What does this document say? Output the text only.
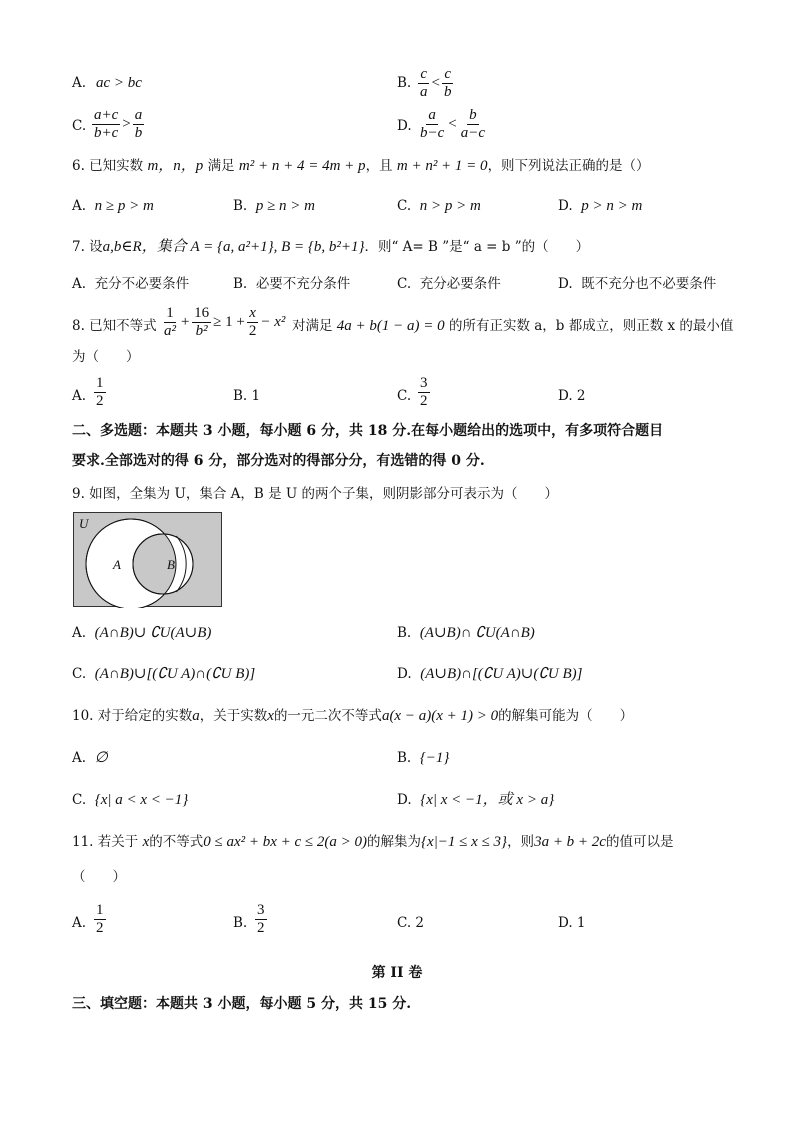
A. ac > bc	B. $\frac{c}{a} < \frac{c}{b}$
C. $\frac{a+c}{b+c} > \frac{a}{b}$	D. $\frac{a}{b-c} < \frac{b}{a-c}$
6. 已知实数 m，n，p 满足 m² + n + 4 = 4m + p，且 m + n² + 1 = 0，则下列说法正确的是（）
A. n ≥ p > m	B. p ≥ n > m	C. n > p > m	D. p > n > m
7. 设a,b∈R，集合 A = {a, a²+1}, B = {b, b²+1}．则“ A= B ”是“ a = b ”的（　　）
A. 充分不必要条件	B. 必要不充分条件	C. 充分必要条件	D. 既不充分也不必要条件
8. 已知不等式 $\frac{1}{\text{a²}} + \frac{16}{\text{b²}} \ge 1 + \frac{x}{2} - x^2$ 对满足 4a + b(1 − a) = 0 的所有正实数 a，b 都成立，则正数 x 的最小值
为（　　）
A. $\frac{1}{2}$	B. 1	C. $\frac{3}{2}$	D. 2
二、多选题：本题共 3 小题，每小题 6 分，共 18 分.在每小题给出的选项中，有多项符合题目
要求.全部选对的得 6 分，部分选对的得部分分，有选错的得 0 分.
9. 如图，全集为 U，集合 A，B 是 U 的两个子集，则阴影部分可表示为（　　）
U
A	B
A. (A∩B)∪ ∁U(A∪B)	B. (A∪B)∩ ∁U(A∩B)
C. (A∩B)∪[(∁U A)∩(∁U B)]	D. (A∪B)∩[(∁U A)∪(∁U B)]
10. 对于给定的实数a，关于实数x的一元二次不等式a(x − a)(x + 1) > 0的解集可能为（　　）
A. ∅	B. {−1}
C. {x| a < x < −1}	D. {x| x < −1，或 x > a}
11. 若关于 x的不等式0 ≤ ax² + bx + c ≤ 2(a > 0)的解集为{x|−1 ≤ x ≤ 3}，则3a + b + 2c的值可以是
（　　）
A. $\frac{1}{2}$	B. $\frac{3}{2}$	C. 2	D. 1
第 II 卷
三、填空题：本题共 3 小题，每小题 5 分，共 15 分.
